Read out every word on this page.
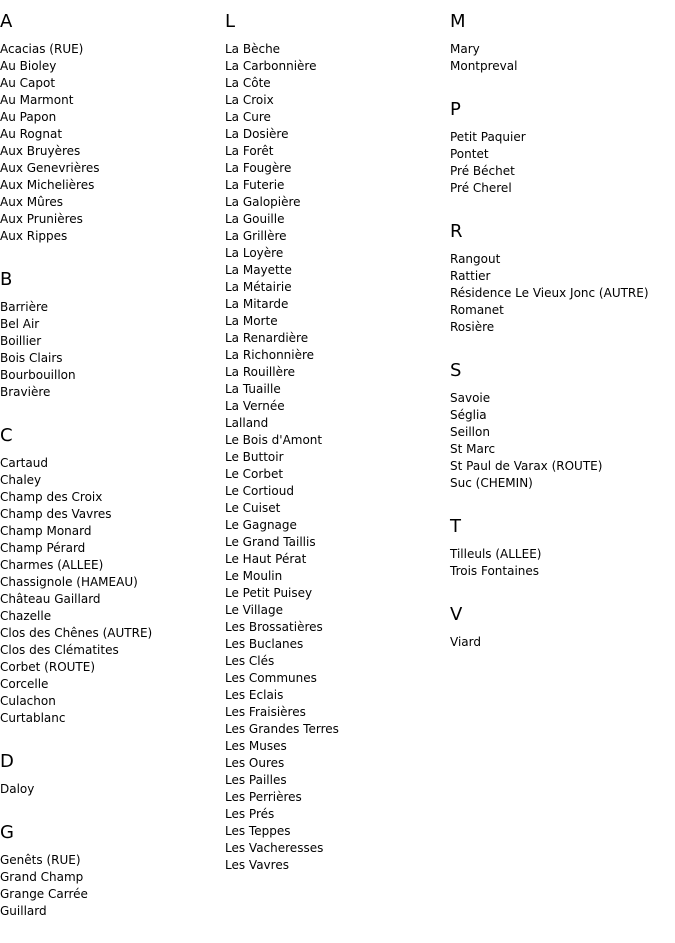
A
Acacias (RUE)
Au Bioley
Au Capot
Au Marmont
Au Papon
Au Rognat
Aux Bruyères
Aux Genevrières
Aux Michelières
Aux Mûres
Aux Prunières
Aux Rippes
B
Barrière
Bel Air
Boillier
Bois Clairs
Bourbouillon
Bravière
C
Cartaud
Chaley
Champ des Croix
Champ des Vavres
Champ Monard
Champ Pérard
Charmes (ALLEE)
Chassignole (HAMEAU)
Château Gaillard
Chazelle
Clos des Chênes (AUTRE)
Clos des Clématites
Corbet (ROUTE)
Corcelle
Culachon
Curtablanc
D
Daloy
G
Genêts (RUE)
Grand Champ
Grange Carrée
Guillard
L
La Bèche
La Carbonnière
La Côte
La Croix
La Cure
La Dosière
La Forêt
La Fougère
La Futerie
La Galopière
La Gouille
La Grillère
La Loyère
La Mayette
La Métairie
La Mitarde
La Morte
La Renardière
La Richonnière
La Rouillère
La Tuaille
La Vernée
Lalland
Le Bois d'Amont
Le Buttoir
Le Corbet
Le Cortioud
Le Cuiset
Le Gagnage
Le Grand Taillis
Le Haut Pérat
Le Moulin
Le Petit Puisey
Le Village
Les Brossatières
Les Buclanes
Les Clés
Les Communes
Les Eclais
Les Fraisières
Les Grandes Terres
Les Muses
Les Oures
Les Pailles
Les Perrières
Les Prés
Les Teppes
Les Vacheresses
Les Vavres
M
Mary
Montpreval
P
Petit Paquier
Pontet
Pré Béchet
Pré Cherel
R
Rangout
Rattier
Résidence Le Vieux Jonc (AUTRE)
Romanet
Rosière
S
Savoie
Séglia
Seillon
St Marc
St Paul de Varax (ROUTE)
Suc (CHEMIN)
T
Tilleuls (ALLEE)
Trois Fontaines
V
Viard
